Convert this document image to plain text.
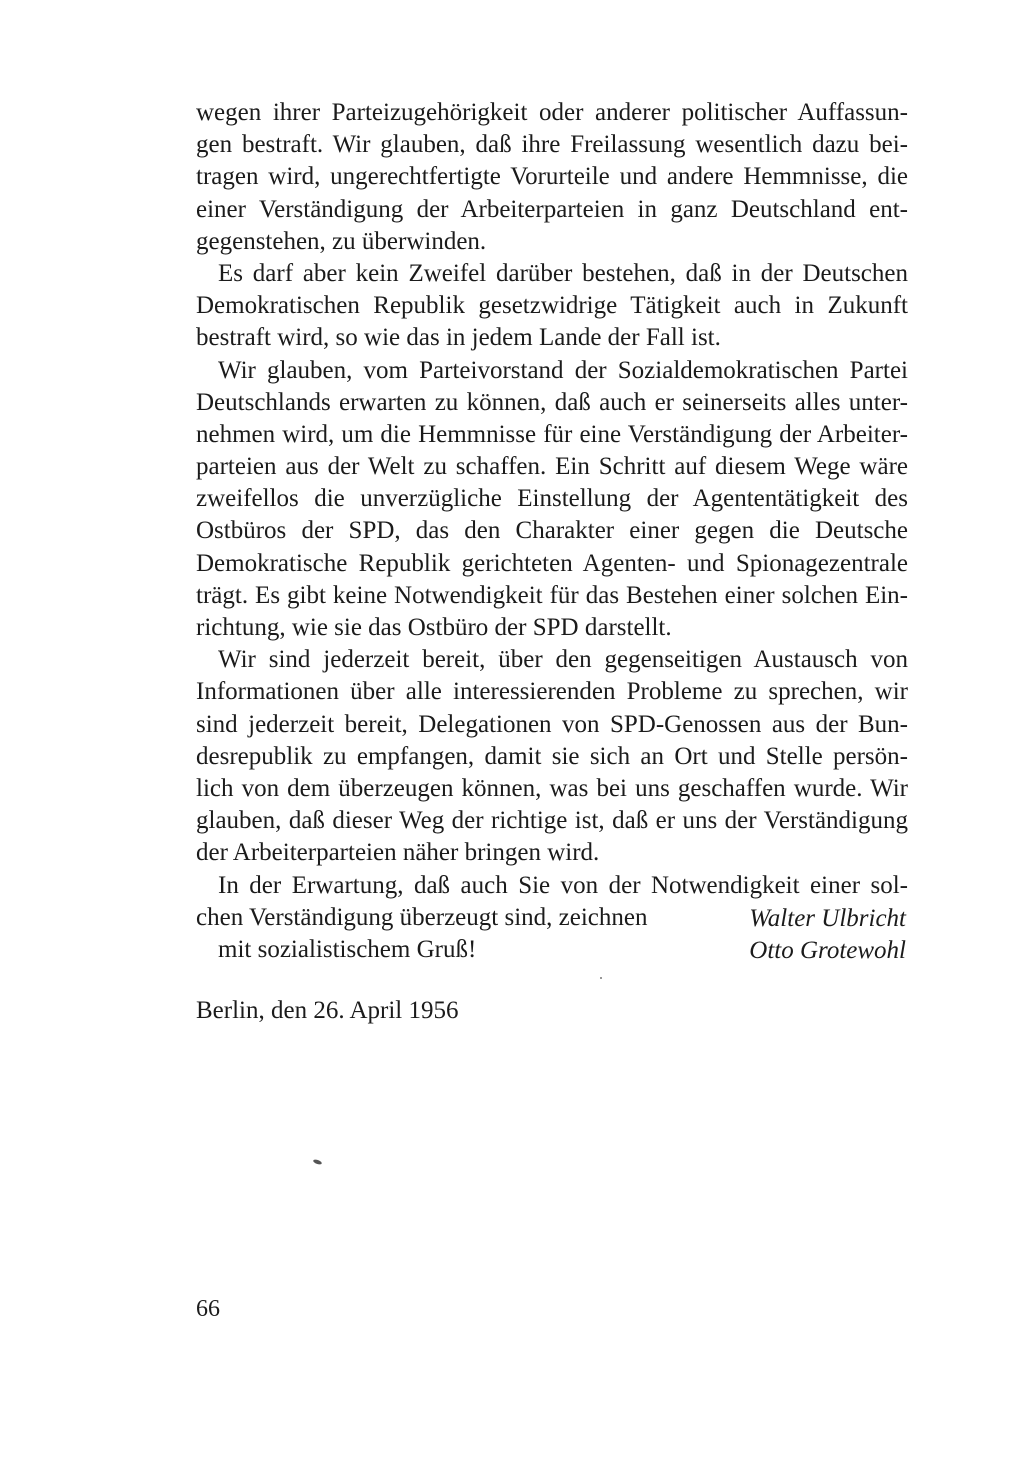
wegen ihrer Parteizugehörigkeit oder anderer politischer Auffassun-
gen bestraft. Wir glauben, daß ihre Freilassung wesentlich dazu bei-
tragen wird, ungerechtfertigte Vorurteile und andere Hemmnisse, die
einer Verständigung der Arbeiterparteien in ganz Deutschland ent-
gegenstehen, zu überwinden.
Es darf aber kein Zweifel darüber bestehen, daß in der Deutschen
Demokratischen Republik gesetzwidrige Tätigkeit auch in Zukunft
bestraft wird, so wie das in jedem Lande der Fall ist.
Wir glauben, vom Parteivorstand der Sozialdemokratischen Partei
Deutschlands erwarten zu können, daß auch er seinerseits alles unter-
nehmen wird, um die Hemmnisse für eine Verständigung der Arbeiter-
parteien aus der Welt zu schaffen. Ein Schritt auf diesem Wege wäre
zweifellos die unverzügliche Einstellung der Agententätigkeit des
Ostbüros der SPD, das den Charakter einer gegen die Deutsche
Demokratische Republik gerichteten Agenten- und Spionagezentrale
trägt. Es gibt keine Notwendigkeit für das Bestehen einer solchen Ein-
richtung, wie sie das Ostbüro der SPD darstellt.
Wir sind jederzeit bereit, über den gegenseitigen Austausch von
Informationen über alle interessierenden Probleme zu sprechen, wir
sind jederzeit bereit, Delegationen von SPD-Genossen aus der Bun-
desrepublik zu empfangen, damit sie sich an Ort und Stelle persön-
lich von dem überzeugen können, was bei uns geschaffen wurde. Wir
glauben, daß dieser Weg der richtige ist, daß er uns der Verständigung
der Arbeiterparteien näher bringen wird.
In der Erwartung, daß auch Sie von der Notwendigkeit einer sol-
chen Verständigung überzeugt sind, zeichnen
mit sozialistischem Gruß!
Walter Ulbricht
Otto Grotewohl
Berlin, den 26. April 1956
66
